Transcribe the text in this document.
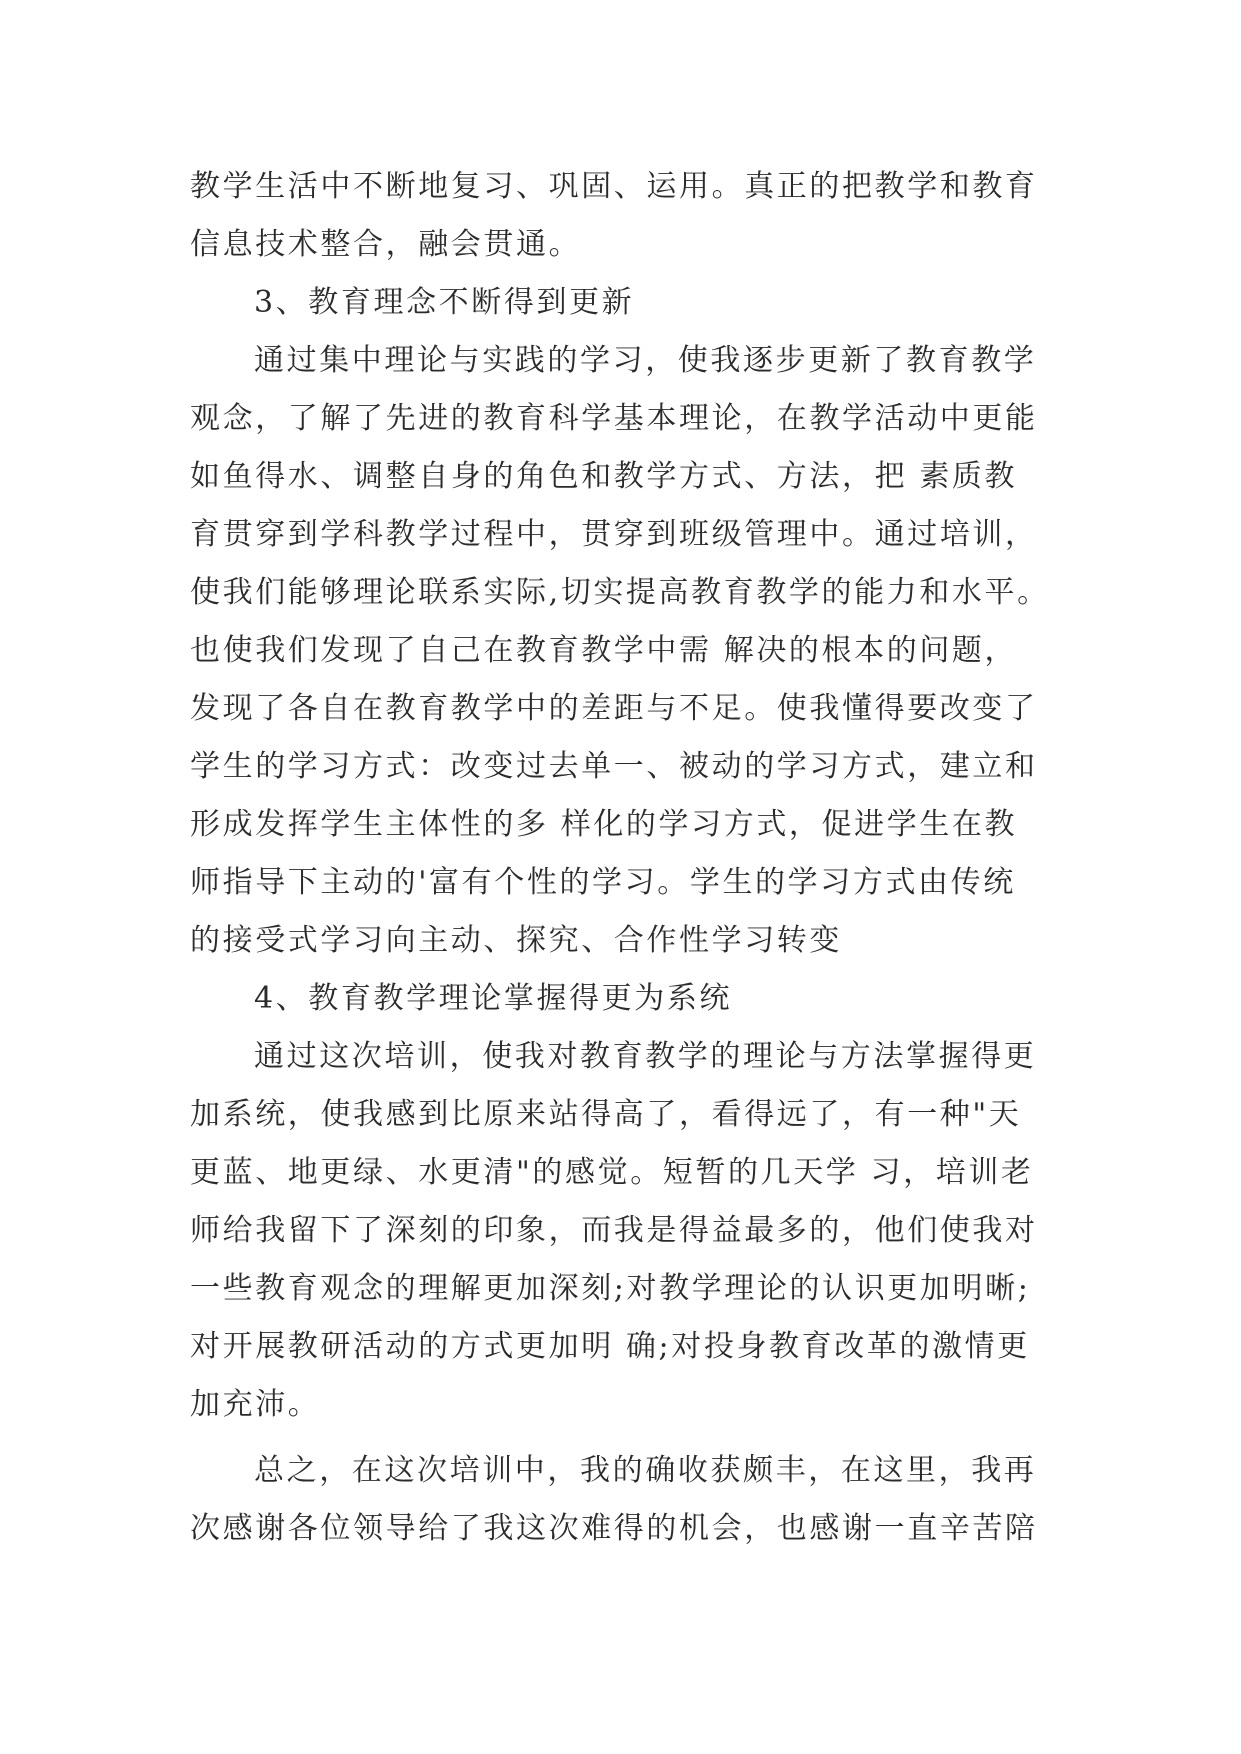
教学生活中不断地复习、巩固、运用。真正的把教学和教育
信息技术整合，融会贯通。
3、教育理念不断得到更新
通过集中理论与实践的学习，使我逐步更新了教育教学
观念，了解了先进的教育科学基本理论，在教学活动中更能
如鱼得水、调整自身的角色和教学方式、方法，把 素质教
育贯穿到学科教学过程中，贯穿到班级管理中。通过培训，
使我们能够理论联系实际,切实提高教育教学的能力和水平。
也使我们发现了自己在教育教学中需 解决的根本的问题，
发现了各自在教育教学中的差距与不足。使我懂得要改变了
学生的学习方式：改变过去单一、被动的学习方式，建立和
形成发挥学生主体性的多 样化的学习方式，促进学生在教
师指导下主动的'富有个性的学习。学生的学习方式由传统
的接受式学习向主动、探究、合作性学习转变
4、教育教学理论掌握得更为系统
通过这次培训，使我对教育教学的理论与方法掌握得更
加系统，使我感到比原来站得高了，看得远了，有一种"天
更蓝、地更绿、水更清"的感觉。短暂的几天学 习，培训老
师给我留下了深刻的印象，而我是得益最多的，他们使我对
一些教育观念的理解更加深刻;对教学理论的认识更加明晰;
对开展教研活动的方式更加明 确;对投身教育改革的激情更
加充沛。
总之，在这次培训中，我的确收获颇丰，在这里，我再
次感谢各位领导给了我这次难得的机会，也感谢一直辛苦陪
